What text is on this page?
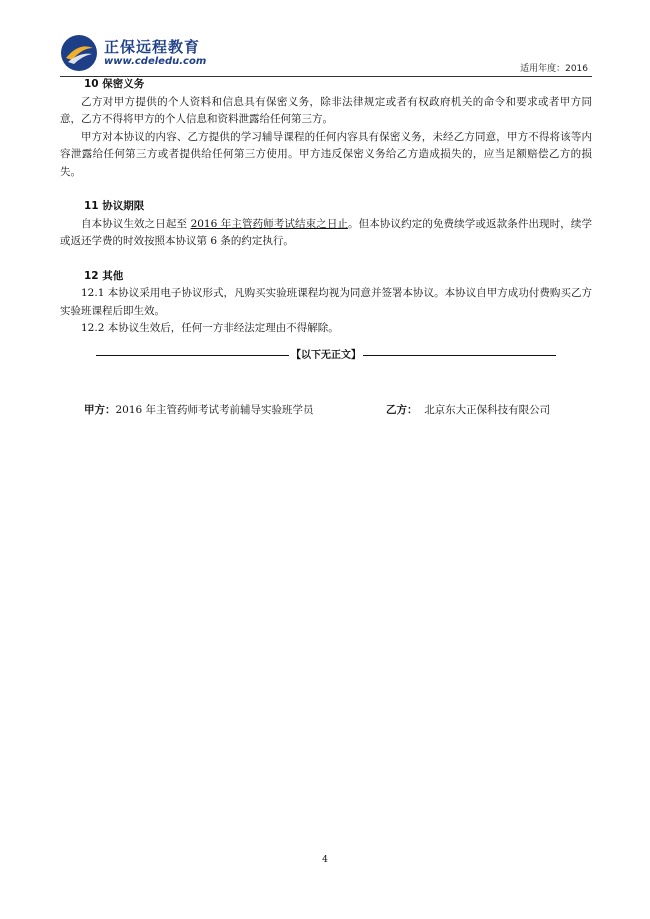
正保远程教育
www.cdeledu.com
适用年度：2016

10 保密义务

乙方对甲方提供的个人资料和信息具有保密义务，除非法律规定或者有权政府机关的命令和要求或者甲方同意，乙方不得将甲方的个人信息和资料泄露给任何第三方。

甲方对本协议的内容、乙方提供的学习辅导课程的任何内容具有保密义务，未经乙方同意，甲方不得将该等内容泄露给任何第三方或者提供给任何第三方使用。甲方违反保密义务给乙方造成损失的，应当足额赔偿乙方的损失。

11 协议期限

自本协议生效之日起至 2016 年主管药师考试结束之日止。但本协议约定的免费续学或返款条件出现时，续学或返还学费的时效按照本协议第 6 条的约定执行。

12 其他

12.1 本协议采用电子协议形式，凡购买实验班课程均视为同意并签署本协议。本协议自甲方成功付费购买乙方实验班课程后即生效。

12.2 本协议生效后，任何一方非经法定理由不得解除。

【以下无正文】
甲方：2016 年主管药师考试考前辅导实验班学员	乙方： 北京东大正保科技有限公司
4
